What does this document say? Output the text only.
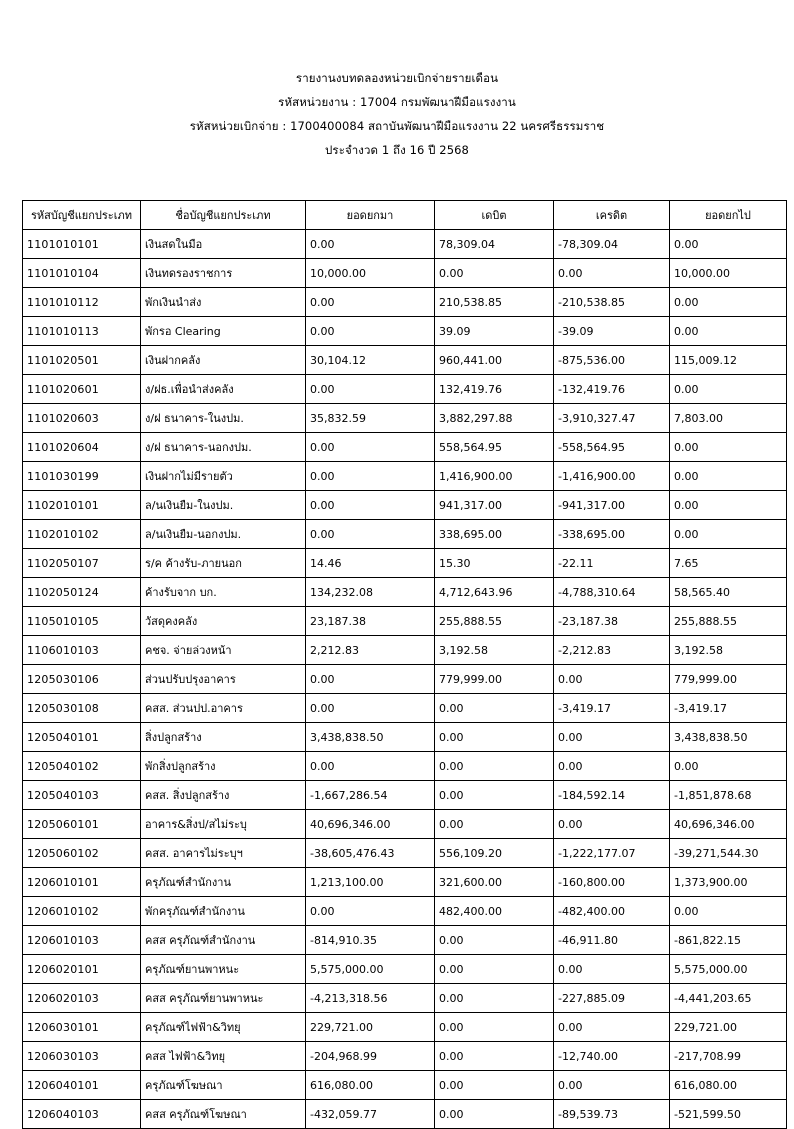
รายงานงบทดลองหน่วยเบิกจ่ายรายเดือน
รหัสหน่วยงาน : 17004 กรมพัฒนาฝีมือแรงงาน
รหัสหน่วยเบิกจ่าย : 1700400084 สถาบันพัฒนาฝีมือแรงงาน 22 นครศรีธรรมราช
ประจำงวด 1 ถึง 16 ปี 2568
รหัสบัญชีแยกประเภท	ชื่อบัญชีแยกประเภท	ยอดยกมา	เดบิต	เครดิต	ยอดยกไป
1101010101	เงินสดในมือ	0.00	78,309.04	-78,309.04	0.00
1101010104	เงินทดรองราชการ	10,000.00	0.00	0.00	10,000.00
1101010112	พักเงินนำส่ง	0.00	210,538.85	-210,538.85	0.00
1101010113	พักรอ Clearing	0.00	39.09	-39.09	0.00
1101020501	เงินฝากคลัง	30,104.12	960,441.00	-875,536.00	115,009.12
1101020601	ง/ฝธ.เพื่อนำส่งคลัง	0.00	132,419.76	-132,419.76	0.00
1101020603	ง/ฝ ธนาคาร-ในงปม.	35,832.59	3,882,297.88	-3,910,327.47	7,803.00
1101020604	ง/ฝ ธนาคาร-นอกงปม.	0.00	558,564.95	-558,564.95	0.00
1101030199	เงินฝากไม่มีรายตัว	0.00	1,416,900.00	-1,416,900.00	0.00
1102010101	ล/นเงินยืม-ในงปม.	0.00	941,317.00	-941,317.00	0.00
1102010102	ล/นเงินยืม-นอกงปม.	0.00	338,695.00	-338,695.00	0.00
1102050107	ร/ค ค้างรับ-ภายนอก	14.46	15.30	-22.11	7.65
1102050124	ค้างรับจาก บก.	134,232.08	4,712,643.96	-4,788,310.64	58,565.40
1105010105	วัสดุคงคลัง	23,187.38	255,888.55	-23,187.38	255,888.55
1106010103	คชจ. จ่ายล่วงหน้า	2,212.83	3,192.58	-2,212.83	3,192.58
1205030106	ส่วนปรับปรุงอาคาร	0.00	779,999.00	0.00	779,999.00
1205030108	คสส. ส่วนปป.อาคาร	0.00	0.00	-3,419.17	-3,419.17
1205040101	สิ่งปลูกสร้าง	3,438,838.50	0.00	0.00	3,438,838.50
1205040102	พักสิ่งปลูกสร้าง	0.00	0.00	0.00	0.00
1205040103	คสส. สิ่งปลูกสร้าง	-1,667,286.54	0.00	-184,592.14	-1,851,878.68
1205060101	อาคาร&สิ่งป/สไม่ระบุ	40,696,346.00	0.00	0.00	40,696,346.00
1205060102	คสส. อาคารไม่ระบุฯ	-38,605,476.43	556,109.20	-1,222,177.07	-39,271,544.30
1206010101	ครุภัณฑ์สำนักงาน	1,213,100.00	321,600.00	-160,800.00	1,373,900.00
1206010102	พักครุภัณฑ์สำนักงาน	0.00	482,400.00	-482,400.00	0.00
1206010103	คสส ครุภัณฑ์สำนักงาน	-814,910.35	0.00	-46,911.80	-861,822.15
1206020101	ครุภัณฑ์ยานพาหนะ	5,575,000.00	0.00	0.00	5,575,000.00
1206020103	คสส ครุภัณฑ์ยานพาหนะ	-4,213,318.56	0.00	-227,885.09	-4,441,203.65
1206030101	ครุภัณฑ์ไฟฟ้า&วิทยุ	229,721.00	0.00	0.00	229,721.00
1206030103	คสส ไฟฟ้า&วิทยุ	-204,968.99	0.00	-12,740.00	-217,708.99
1206040101	ครุภัณฑ์โฆษณา	616,080.00	0.00	0.00	616,080.00
1206040103	คสส ครุภัณฑ์โฆษณา	-432,059.77	0.00	-89,539.73	-521,599.50
